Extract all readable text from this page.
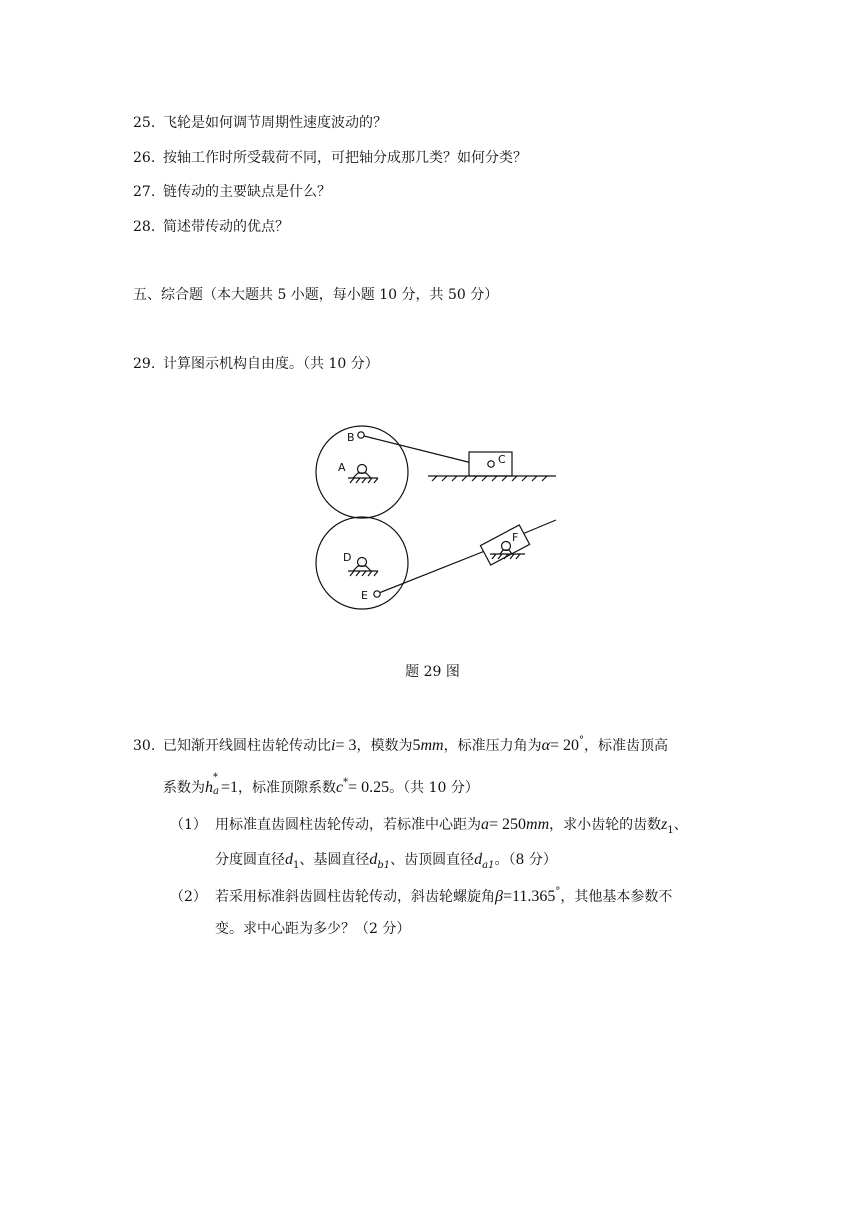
25. 飞轮是如何调节周期性速度波动的？
26. 按轴工作时所受载荷不同，可把轴分成那几类？如何分类？
27. 链传动的主要缺点是什么？
28. 简述带传动的优点？
五、综合题（本大题共 5 小题，每小题 10 分，共 50 分）
29. 计算图示机构自由度。（共 10 分）
B
A
C
D
E
F
题 29 图
30. 已知渐开线圆柱齿轮传动比i= 3，模数为5mm，标准压力角为α= 20°，标准齿顶高
系数为h
*
a =1，标准顶隙系数c*= 0.25。（共 10 分）
（1） 用标准直齿圆柱齿轮传动，若标准中心距为a= 250mm，求小齿轮的齿数$z_1$、
分度圆直径$d_1$、基圆直径$d_{b1}$、齿顶圆直径$d_{a1}$。（8 分）
（2） 若采用标准斜齿圆柱齿轮传动，斜齿轮螺旋角β=11.365°，其他基本参数不
变。求中心距为多少？（2 分）
